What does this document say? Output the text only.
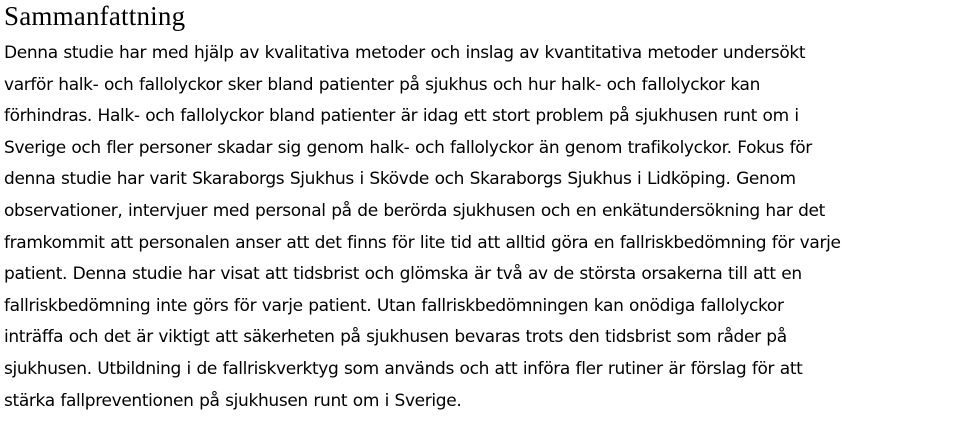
Sammanfattning

Denna studie har med hjälp av kvalitativa metoder och inslag av kvantitativa metoder undersökt
varför halk- och fallolyckor sker bland patienter på sjukhus och hur halk- och fallolyckor kan
förhindras. Halk- och fallolyckor bland patienter är idag ett stort problem på sjukhusen runt om i
Sverige och fler personer skadar sig genom halk- och fallolyckor än genom trafikolyckor. Fokus för
denna studie har varit Skaraborgs Sjukhus i Skövde och Skaraborgs Sjukhus i Lidköping. Genom
observationer, intervjuer med personal på de berörda sjukhusen och en enkätundersökning har det
framkommit att personalen anser att det finns för lite tid att alltid göra en fallriskbedömning för varje
patient. Denna studie har visat att tidsbrist och glömska är två av de största orsakerna till att en
fallriskbedömning inte görs för varje patient. Utan fallriskbedömningen kan onödiga fallolyckor
inträffa och det är viktigt att säkerheten på sjukhusen bevaras trots den tidsbrist som råder på
sjukhusen. Utbildning i de fallriskverktyg som används och att införa fler rutiner är förslag för att
stärka fallpreventionen på sjukhusen runt om i Sverige.
